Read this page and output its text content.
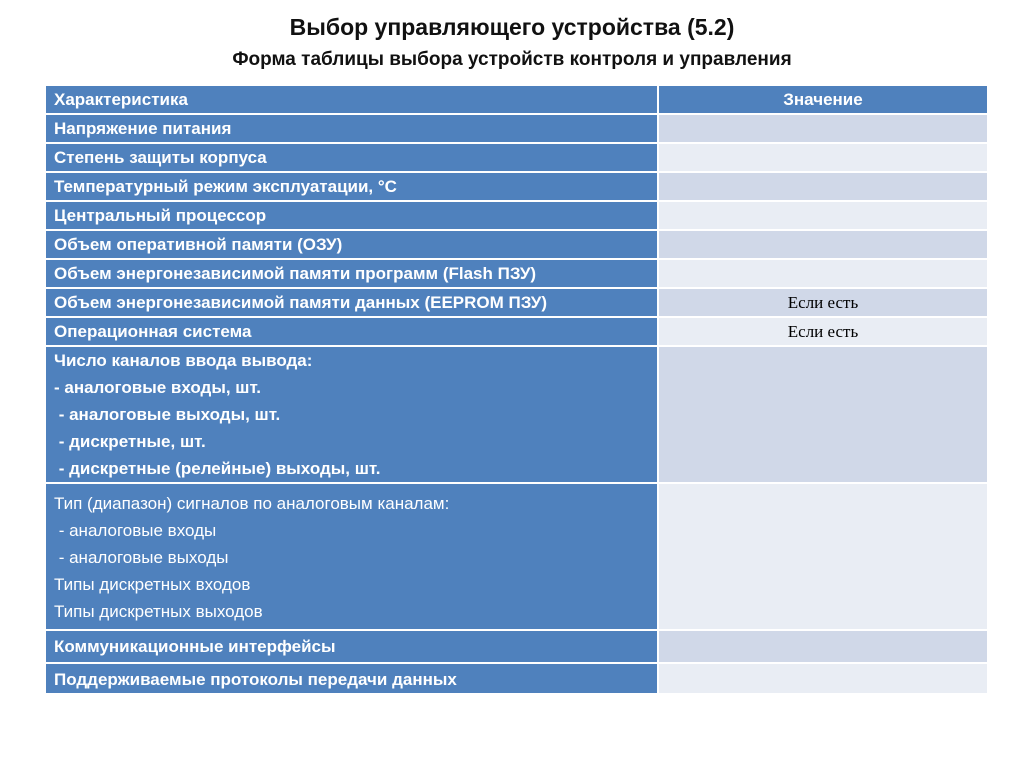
Выбор управляющего устройства (5.2)
Форма таблицы выбора устройств контроля и управления
Характеристика	Значение
Напряжение питания	
Степень защиты корпуса	
Температурный режим эксплуатации, °C	
Центральный процессор	
Объем оперативной памяти (ОЗУ)	
Объем энергонезависимой памяти программ (Flash ПЗУ)	
Объем энергонезависимой памяти данных (EEPROM ПЗУ)	Если есть
Операционная система	Если есть

Число каналов ввода вывода:
- аналоговые входы, шт.
- аналоговые выходы, шт.
- дискретные, шт.
- дискретные (релейные) выходы, шт.	

Тип (диапазон) сигналов по аналоговым каналам:
- аналоговые входы
- аналоговые выходы
Типы дискретных входов
Типы дискретных выходов	

Коммуникационные интерфейсы	
Поддерживаемые протоколы передачи данных	
